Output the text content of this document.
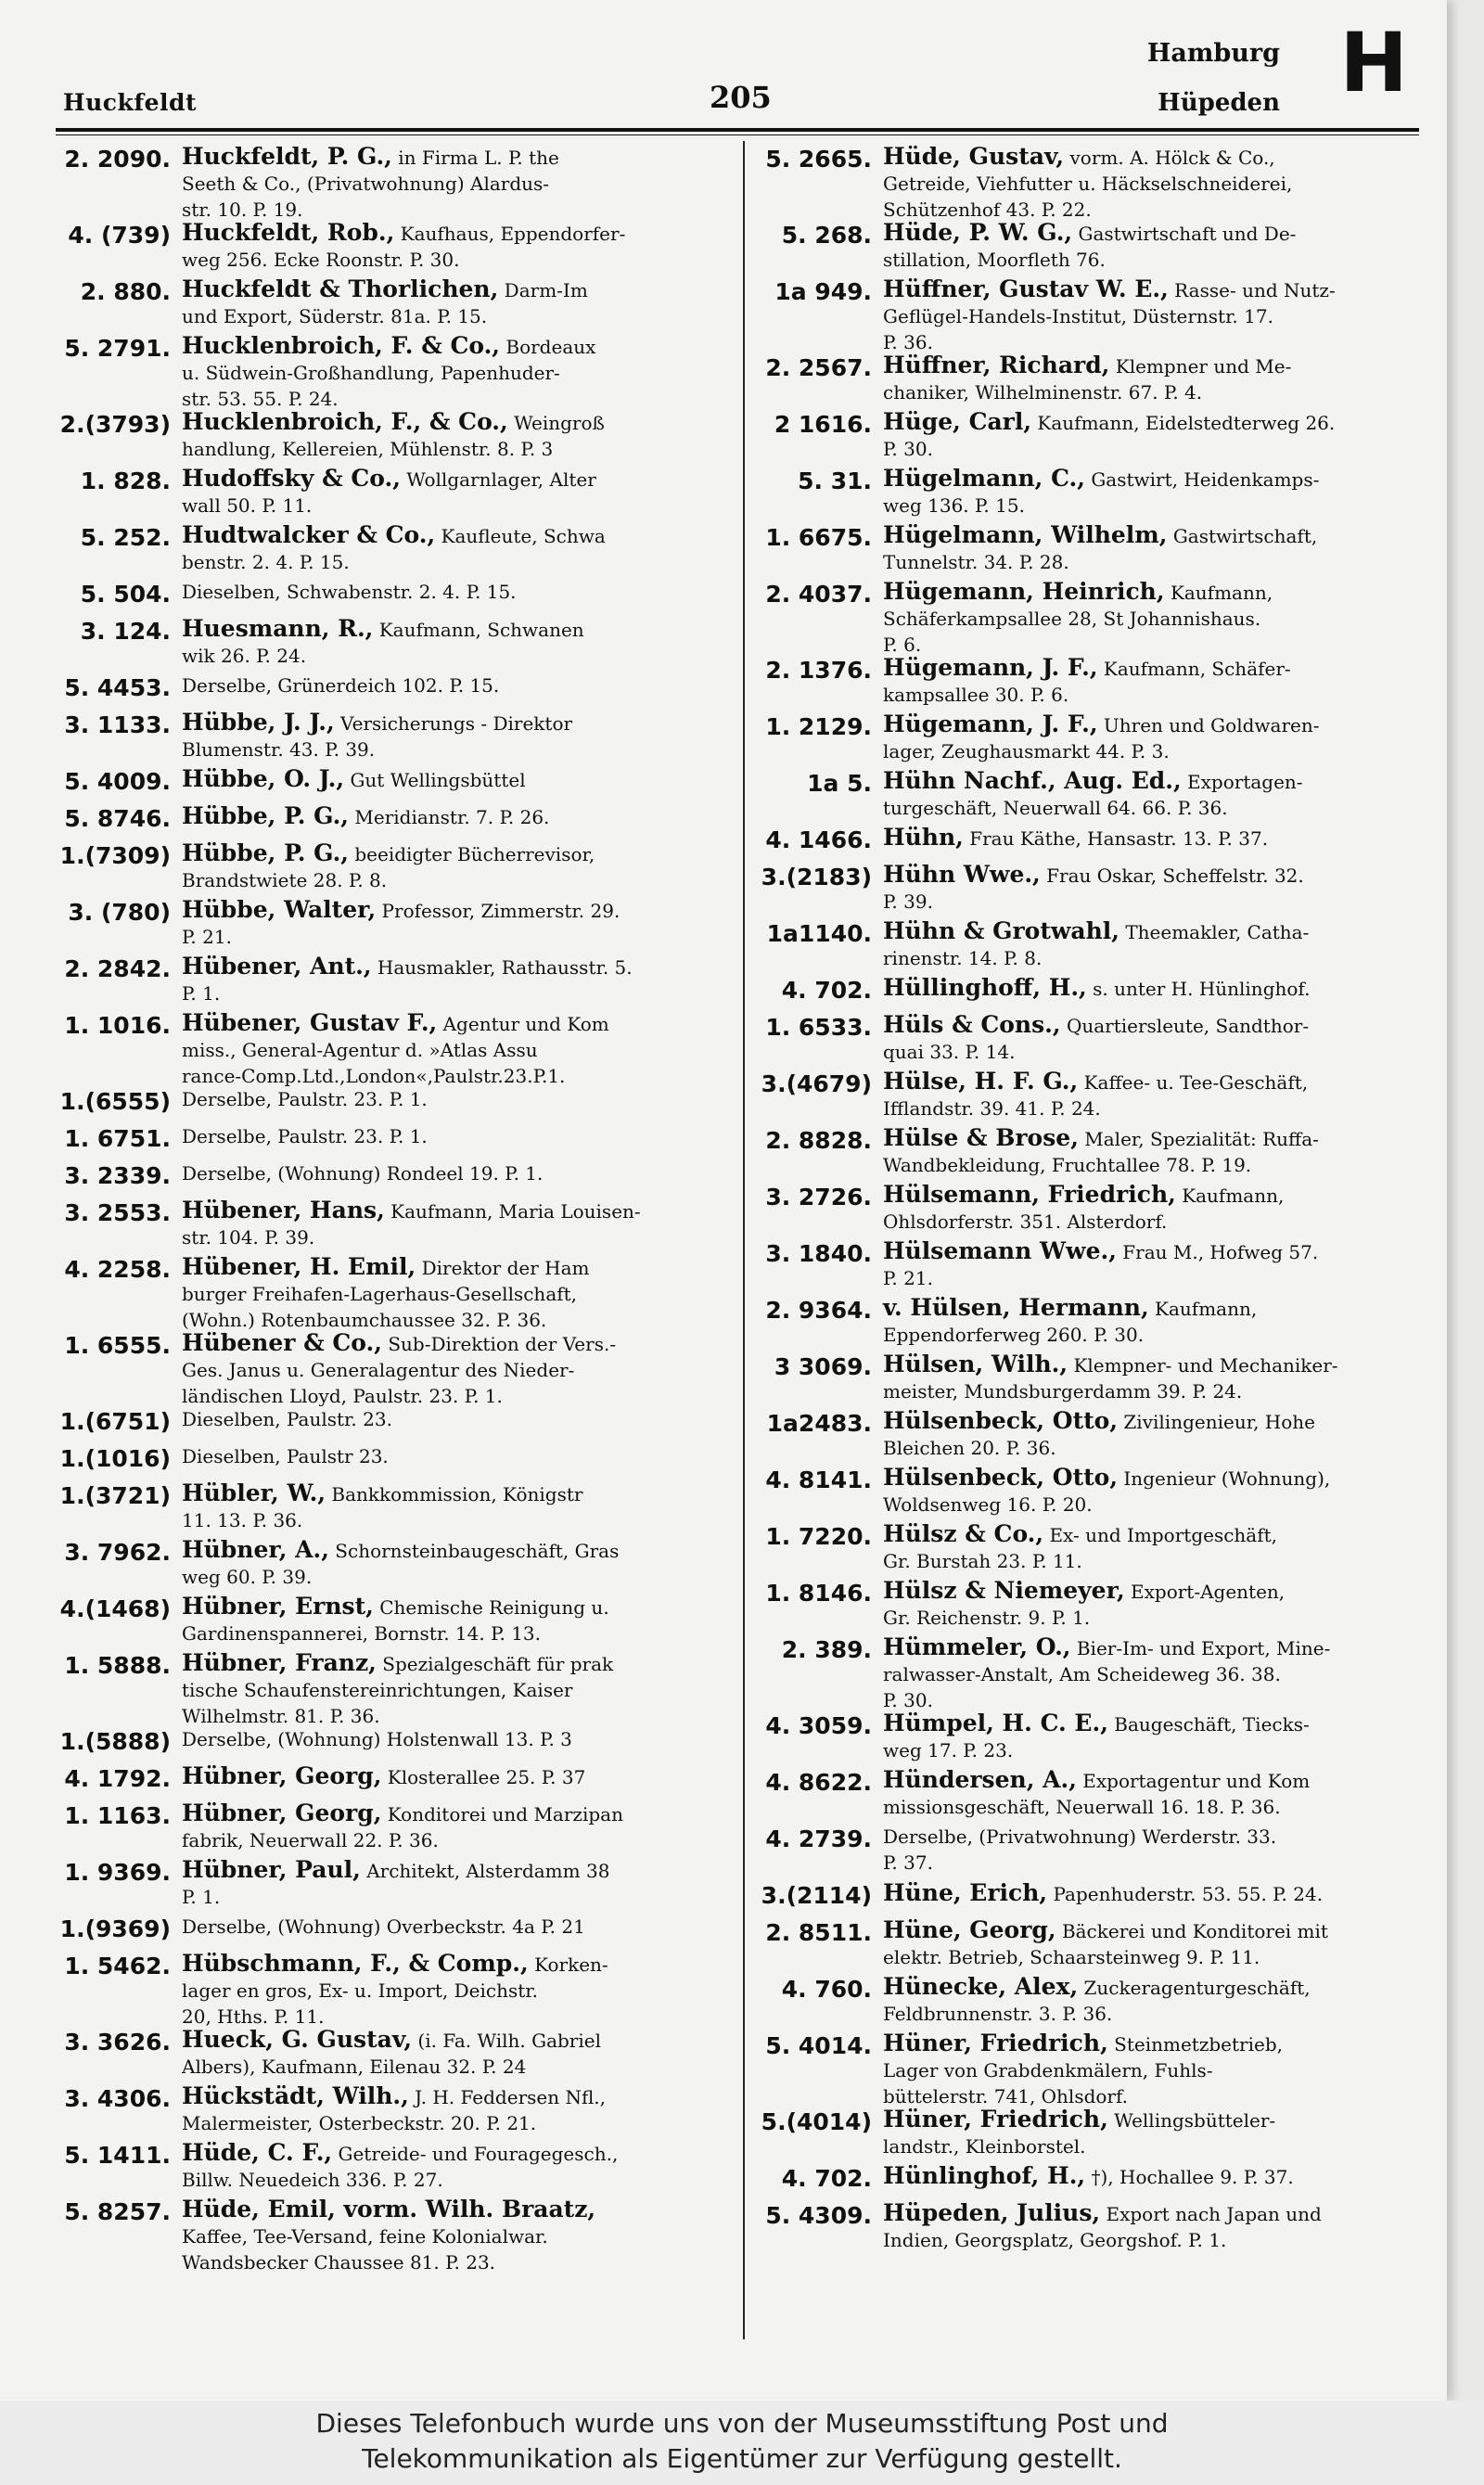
Huckfeldt	205
Hamburg
Hüpeden H
2. 2090. Huckfeldt, P. G., in Firma L. P. the
Seeth & Co., (Privatwohnung) Alardus-
str. 10. P. 19.
4. (739) Huckfeldt, Rob., Kaufhaus, Eppendorfer-
weg 256. Ecke Roonstr. P. 30.
2. 880. Huckfeldt & Thorlichen, Darm-Im
und Export, Süderstr. 81a. P. 15.
5. 2791. Hucklenbroich, F. & Co., Bordeaux
u. Südwein-Großhandlung, Papenhuder-
str. 53. 55. P. 24.
2.(3793) Hucklenbroich, F., & Co., Weingroß
handlung, Kellereien, Mühlenstr. 8. P. 3
1. 828. Hudoffsky & Co., Wollgarnlager, Alter
wall 50. P. 11.
5. 252. Hudtwalcker & Co., Kaufleute, Schwa
benstr. 2. 4. P. 15.
5. 504. Dieselben, Schwabenstr. 2. 4. P. 15.
3. 124. Huesmann, R., Kaufmann, Schwanen
wik 26. P. 24.
5. 4453. Derselbe, Grünerdeich 102. P. 15.
3. 1133. Hübbe, J. J., Versicherungs - Direktor
Blumenstr. 43. P. 39.
5. 4009. Hübbe, O. J., Gut Wellingsbüttel
5. 8746. Hübbe, P. G., Meridianstr. 7. P. 26.
1.(7309) Hübbe, P. G., beeidigter Bücherrevisor,
Brandstwiete 28. P. 8.
3. (780) Hübbe, Walter, Professor, Zimmerstr. 29.
P. 21.
2. 2842. Hübener, Ant., Hausmakler, Rathausstr. 5.
P. 1.
1. 1016. Hübener, Gustav F., Agentur und Kom
miss., General-Agentur d. »Atlas Assu
rance-Comp.Ltd.,London«,Paulstr.23.P.1.
1.(6555) Derselbe, Paulstr. 23. P. 1.
1. 6751. Derselbe, Paulstr. 23. P. 1.
3. 2339. Derselbe, (Wohnung) Rondeel 19. P. 1.
3. 2553. Hübener, Hans, Kaufmann, Maria Louisen-
str. 104. P. 39.
4. 2258. Hübener, H. Emil, Direktor der Ham
burger Freihafen-Lagerhaus-Gesellschaft,
(Wohn.) Rotenbaumchaussee 32. P. 36.
1. 6555. Hübener & Co., Sub-Direktion der Vers.-
Ges. Janus u. Generalagentur des Nieder-
ländischen Lloyd, Paulstr. 23. P. 1.
1.(6751) Dieselben, Paulstr. 23.
1.(1016) Dieselben, Paulstr 23.
1.(3721) Hübler, W., Bankkommission, Königstr
11. 13. P. 36.
3. 7962. Hübner, A., Schornsteinbaugeschäft, Gras
weg 60. P. 39.
4.(1468) Hübner, Ernst, Chemische Reinigung u.
Gardinenspannerei, Bornstr. 14. P. 13.
1. 5888. Hübner, Franz, Spezialgeschäft für prak
tische Schaufenstereinrichtungen, Kaiser
Wilhelmstr. 81. P. 36.
1.(5888) Derselbe, (Wohnung) Holstenwall 13. P. 3
4. 1792. Hübner, Georg, Klosterallee 25. P. 37
1. 1163. Hübner, Georg, Konditorei und Marzipan
fabrik, Neuerwall 22. P. 36.
1. 9369. Hübner, Paul, Architekt, Alsterdamm 38
P. 1.
1.(9369) Derselbe, (Wohnung) Overbeckstr. 4a P. 21
1. 5462. Hübschmann, F., & Comp., Korken-
lager en gros, Ex- u. Import, Deichstr.
20, Hths. P. 11.
3. 3626. Hueck, G. Gustav, (i. Fa. Wilh. Gabriel
Albers), Kaufmann, Eilenau 32. P. 24
3. 4306. Hückstädt, Wilh., J. H. Feddersen Nfl.,
Malermeister, Osterbeckstr. 20. P. 21.
5. 1411. Hüde, C. F., Getreide- und Fouragegesch.,
Billw. Neuedeich 336. P. 27.
5. 8257. Hüde, Emil, vorm. Wilh. Braatz,
Kaffee, Tee-Versand, feine Kolonialwar.
Wandsbecker Chaussee 81. P. 23.
5. 2665. Hüde, Gustav, vorm. A. Hölck & Co.,
Getreide, Viehfutter u. Häckselschneiderei,
Schützenhof 43. P. 22.
5. 268. Hüde, P. W. G., Gastwirtschaft und De-
stillation, Moorfleth 76.
1a 949. Hüffner, Gustav W. E., Rasse- und Nutz-
Geflügel-Handels-Institut, Düsternstr. 17.
P. 36.
2. 2567. Hüffner, Richard, Klempner und Me-
chaniker, Wilhelminenstr. 67. P. 4.
2 1616. Hüge, Carl, Kaufmann, Eidelstedterweg 26.
P. 30.
5. 31. Hügelmann, C., Gastwirt, Heidenkamps-
weg 136. P. 15.
1. 6675. Hügelmann, Wilhelm, Gastwirtschaft,
Tunnelstr. 34. P. 28.
2. 4037. Hügemann, Heinrich, Kaufmann,
Schäferkampsallee 28, St Johannishaus.
P. 6.
2. 1376. Hügemann, J. F., Kaufmann, Schäfer-
kampsallee 30. P. 6.
1. 2129. Hügemann, J. F., Uhren und Goldwaren-
lager, Zeughausmarkt 44. P. 3.
1a 5. Hühn Nachf., Aug. Ed., Exportagen-
turgeschäft, Neuerwall 64. 66. P. 36.
4. 1466. Hühn, Frau Käthe, Hansastr. 13. P. 37.
3.(2183) Hühn Wwe., Frau Oskar, Scheffelstr. 32.
P. 39.
1a1140. Hühn & Grotwahl, Theemakler, Catha-
rinenstr. 14. P. 8.
4. 702. Hüllinghoff, H., s. unter H. Hünlinghof.
1. 6533. Hüls & Cons., Quartiersleute, Sandthor-
quai 33. P. 14.
3.(4679) Hülse, H. F. G., Kaffee- u. Tee-Geschäft,
Ifflandstr. 39. 41. P. 24.
2. 8828. Hülse & Brose, Maler, Spezialität: Ruffa-
Wandbekleidung, Fruchtallee 78. P. 19.
3. 2726. Hülsemann, Friedrich, Kaufmann,
Ohlsdorferstr. 351. Alsterdorf.
3. 1840. Hülsemann Wwe., Frau M., Hofweg 57.
P. 21.
2. 9364. v. Hülsen, Hermann, Kaufmann,
Eppendorferweg 260. P. 30.
3 3069. Hülsen, Wilh., Klempner- und Mechaniker-
meister, Mundsburgerdamm 39. P. 24.
1a2483. Hülsenbeck, Otto, Zivilingenieur, Hohe
Bleichen 20. P. 36.
4. 8141. Hülsenbeck, Otto, Ingenieur (Wohnung),
Woldsenweg 16. P. 20.
1. 7220. Hülsz & Co., Ex- und Importgeschäft,
Gr. Burstah 23. P. 11.
1. 8146. Hülsz & Niemeyer, Export-Agenten,
Gr. Reichenstr. 9. P. 1.
2. 389. Hümmeler, O., Bier-Im- und Export, Mine-
ralwasser-Anstalt, Am Scheideweg 36. 38.
P. 30.
4. 3059. Hümpel, H. C. E., Baugeschäft, Tiecks-
weg 17. P. 23.
4. 8622. Hündersen, A., Exportagentur und Kom
missionsgeschäft, Neuerwall 16. 18. P. 36.
4. 2739. Derselbe, (Privatwohnung) Werderstr. 33.
P. 37.
3.(2114) Hüne, Erich, Papenhuderstr. 53. 55. P. 24.
2. 8511. Hüne, Georg, Bäckerei und Konditorei mit
elektr. Betrieb, Schaarsteinweg 9. P. 11.
4. 760. Hünecke, Alex, Zuckeragenturgeschäft,
Feldbrunnenstr. 3. P. 36.
5. 4014. Hüner, Friedrich, Steinmetzbetrieb,
Lager von Grabdenkmälern, Fuhls-
büttelerstr. 741, Ohlsdorf.
5.(4014) Hüner, Friedrich, Wellingsbütteler-
landstr., Kleinborstel.
4. 702. Hünlinghof, H., †), Hochallee 9. P. 37.
5. 4309. Hüpeden, Julius, Export nach Japan und
Indien, Georgsplatz, Georgshof. P. 1.
Dieses Telefonbuch wurde uns von der Museumsstiftung Post und
Telekommunikation als Eigentümer zur Verfügung gestellt.
